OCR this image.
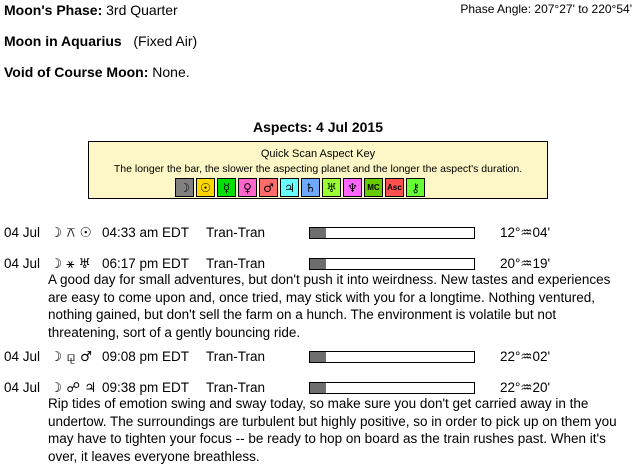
Moon's Phase: 3rd Quarter	Phase Angle: 207°27' to 220°54'
Moon in Aquarius (Fixed Air)
Void of Course Moon: None.
Aspects: 4 Jul 2015
Quick Scan Aspect Key
The longer the bar, the slower the aspecting planet and the longer the aspect's duration.
☽ ☉ ☿	♀ ♂ ♃ ♄ ♅ ♆	MC Asc ⚷
04 Jul ☽ ⚻ ☉ 04:33 am EDT Tran-Tran	12°♒04'
04 Jul ☽ ⚹ ♅ 06:17 pm EDT Tran-Tran	20°♒19'
A good day for small adventures, but don't push it into weirdness. New tastes and experiences are easy to come upon and, once tried, may stick with you for a longtime. Nothing ventured, nothing gained, but don't sell the farm on a hunch. The environment is volatile but not threatening, sort of a gently bouncing ride.
04 Jul ☽ ⚼ ♂ 09:08 pm EDT Tran-Tran	22°♒02'
04 Jul ☽ ☍ ♃ 09:38 pm EDT Tran-Tran	22°♒20'
Rip tides of emotion swing and sway today, so make sure you don't get carried away in the undertow. The surroundings are turbulent but highly positive, so in order to pick up on them you may have to tighten your focus -- be ready to hop on board as the train rushes past. When it's over, it leaves everyone breathless.
